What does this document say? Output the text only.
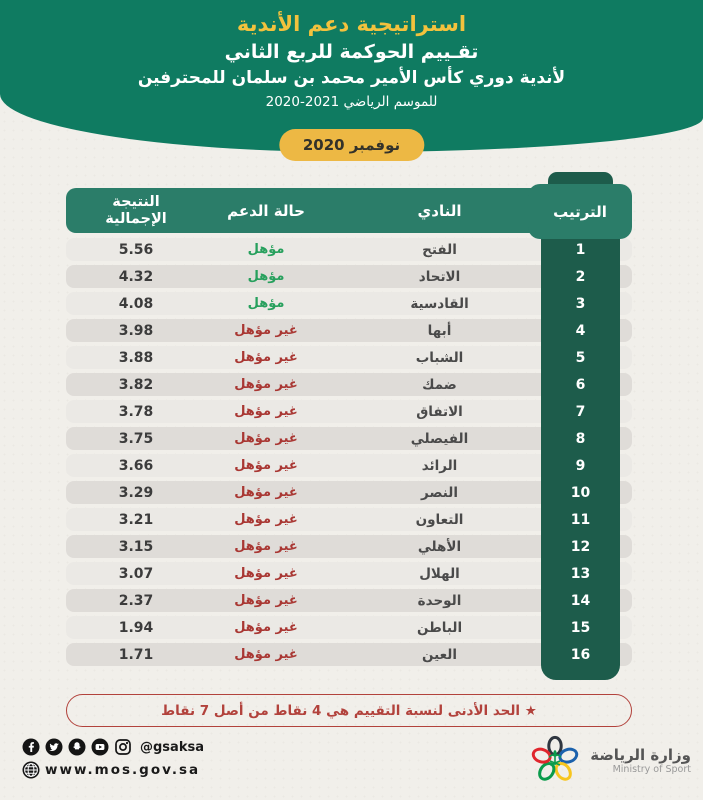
استراتيجية دعم الأندية
تقـييم الحوكمة للربع الثاني
لأندية دوري كأس الأمير محمد بن سلمان للمحترفين
للموسم الرياضي 2021-2020
نوفمبر 2020
1
2
3
4
5
6
7
8
9
10
11
12
13
14
15
16
النادي
حالة الدعم
النتيجة
الإجمالية	الترتيب
الفتح
مؤهل
5.56
الاتحاد
مؤهل
4.32
القادسية
مؤهل
4.08
أبها
غير مؤهل
3.98
الشباب
غير مؤهل
3.88
ضمك
غير مؤهل
3.82
الاتفاق
غير مؤهل
3.78
الفيصلي
غير مؤهل
3.75
الرائد
غير مؤهل
3.66
النصر
غير مؤهل
3.29
التعاون
غير مؤهل
3.21
الأهلي
غير مؤهل
3.15
الهلال
غير مؤهل
3.07
الوحدة
غير مؤهل
2.37
الباطن
غير مؤهل
1.94
العين
غير مؤهل
1.71
★ الحد الأدنى لنسبة التقييم هي 4 نقاط من أصل 7 نقاط
@gsaksa
www.mos.gov.sa
وزارة الرياضة
Ministry of Sport
